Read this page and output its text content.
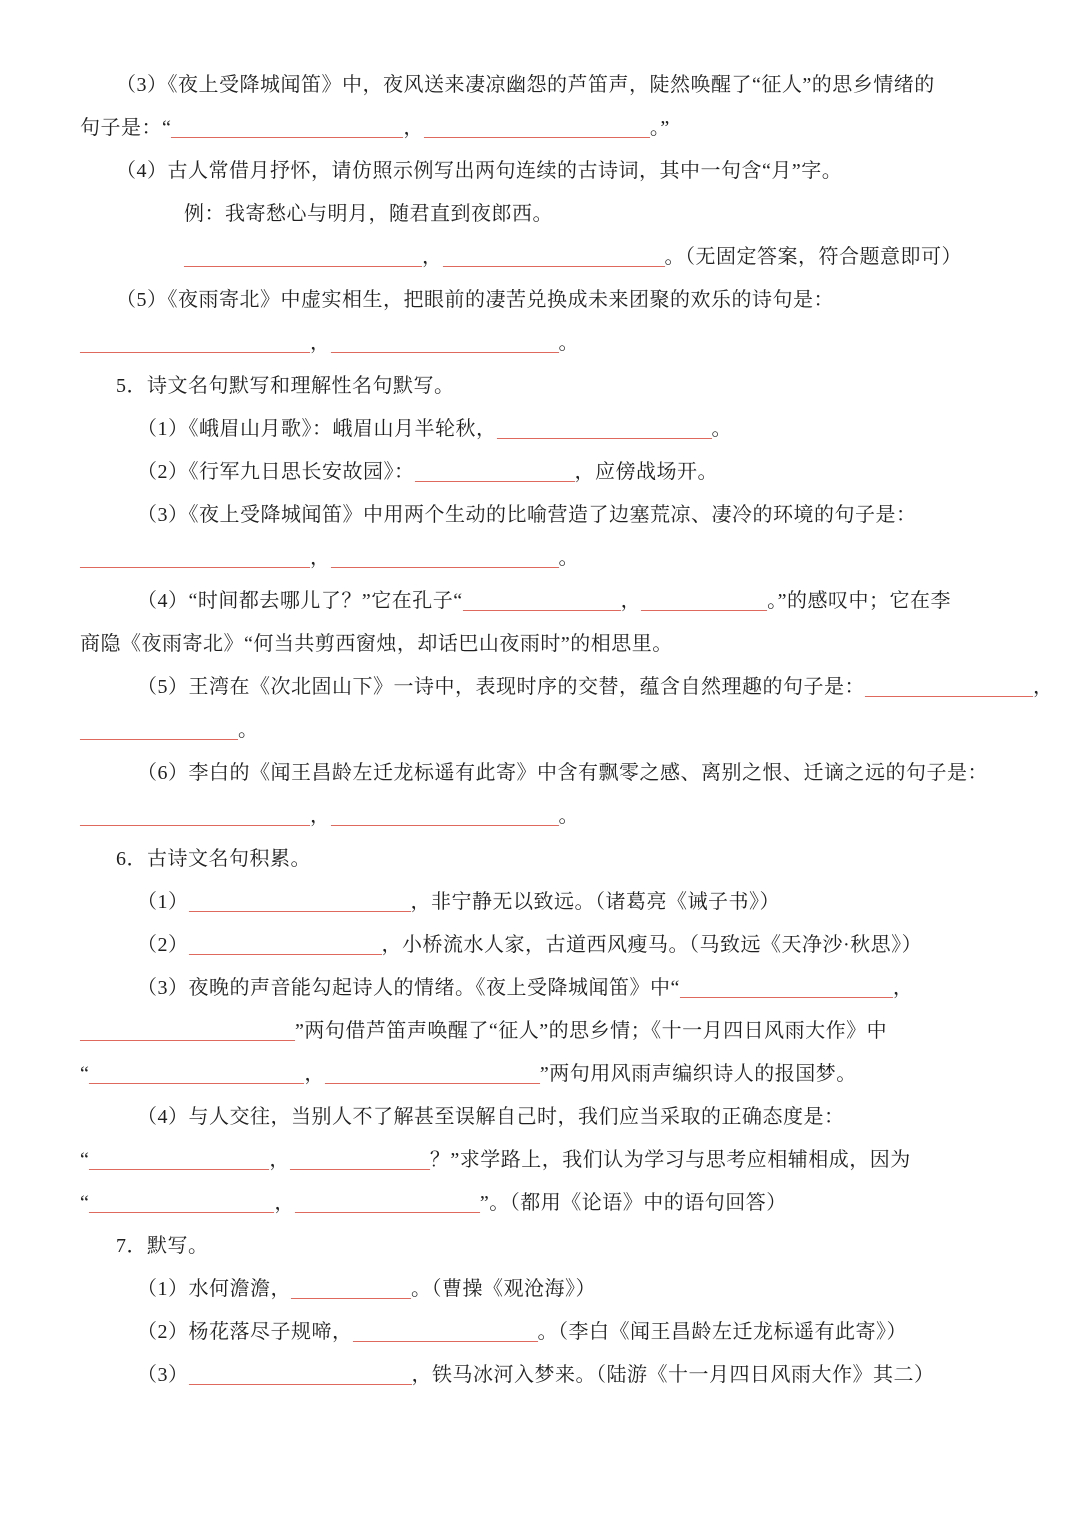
（3）《夜上受降城闻笛》中，夜风送来凄凉幽怨的芦笛声，陡然唤醒了“征人”的思乡情绪的
句子是：“	，	。”
（4）古人常借月抒怀，请仿照示例写出两句连续的古诗词，其中一句含“月”字。
例：我寄愁心与明月，随君直到夜郎西。
，	。（无固定答案，符合题意即可）
（5）《夜雨寄北》中虚实相生，把眼前的凄苦兑换成未来团聚的欢乐的诗句是：
，	。
5．诗文名句默写和理解性名句默写。
（1）《峨眉山月歌》：峨眉山月半轮秋，	。
（2）《行军九日思长安故园》：	，应傍战场开。
（3）《夜上受降城闻笛》中用两个生动的比喻营造了边塞荒凉、凄冷的环境的句子是：
，	。
（4）“时间都去哪儿了？”它在孔子“	，	。”的感叹中；它在李
商隐《夜雨寄北》“何当共剪西窗烛，却话巴山夜雨时”的相思里。
（5）王湾在《次北固山下》一诗中，表现时序的交替，蕴含自然理趣的句子是：	，
。
（6）李白的《闻王昌龄左迁龙标遥有此寄》中含有飘零之感、离别之恨、迁谪之远的句子是：
，	。
6．古诗文名句积累。
（1）	，非宁静无以致远。（诸葛亮《诫子书》）
（2）	，小桥流水人家，古道西风瘦马。（马致远《天净沙·秋思》）
（3）夜晚的声音能勾起诗人的情绪。《夜上受降城闻笛》中“	，
”两句借芦笛声唤醒了“征人”的思乡情；《十一月四日风雨大作》中
“	，	”两句用风雨声编织诗人的报国梦。
（4）与人交往，当别人不了解甚至误解自己时，我们应当采取的正确态度是：
“	，	？”求学路上，我们认为学习与思考应相辅相成，因为
“	，	”。（都用《论语》中的语句回答）
7．默写。
（1）水何澹澹，	。（曹操《观沧海》）
（2）杨花落尽子规啼，	。（李白《闻王昌龄左迁龙标遥有此寄》）
（3）	，铁马冰河入梦来。（陆游《十一月四日风雨大作》其二）
